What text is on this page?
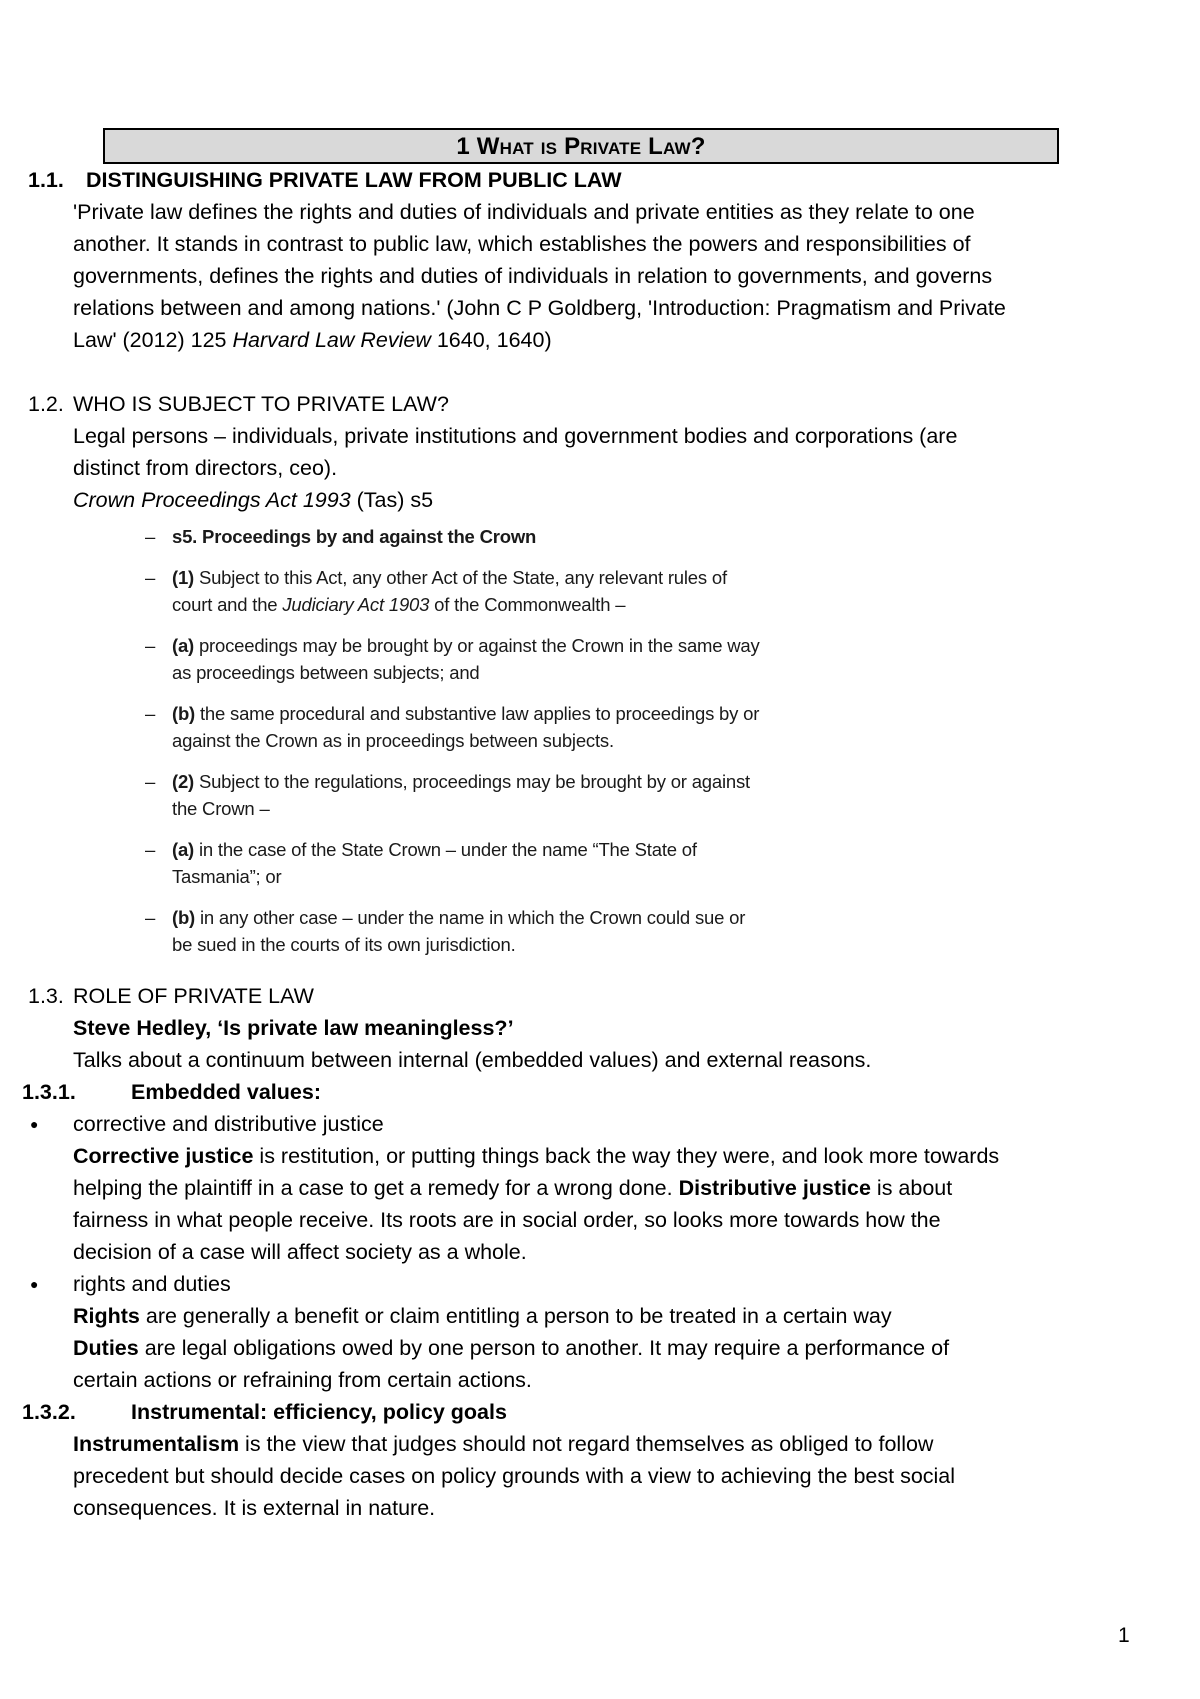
1 What is Private Law?
1.1. DISTINGUISHING PRIVATE LAW FROM PUBLIC LAW
'Private law defines the rights and duties of individuals and private entities as they relate to one
another. It stands in contrast to public law, which establishes the powers and responsibilities of
governments, defines the rights and duties of individuals in relation to governments, and governs
relations between and among nations.' (John C P Goldberg, 'Introduction: Pragmatism and Private
Law' (2012) 125 Harvard Law Review 1640, 1640)
1.2. WHO IS SUBJECT TO PRIVATE LAW?
Legal persons – individuals, private institutions and government bodies and corporations (are
distinct from directors, ceo).
Crown Proceedings Act 1993 (Tas) s5
– s5. Proceedings by and against the Crown
– (1) Subject to this Act, any other Act of the State, any relevant rules of
court and the Judiciary Act 1903 of the Commonwealth –
– (a) proceedings may be brought by or against the Crown in the same way
as proceedings between subjects; and
– (b) the same procedural and substantive law applies to proceedings by or
against the Crown as in proceedings between subjects.
– (2) Subject to the regulations, proceedings may be brought by or against
the Crown –
– (a) in the case of the State Crown – under the name “The State of
Tasmania”; or
– (b) in any other case – under the name in which the Crown could sue or
be sued in the courts of its own jurisdiction.
1.3. ROLE OF PRIVATE LAW
Steve Hedley, ‘Is private law meaningless?’
Talks about a continuum between internal (embedded values) and external reasons.
1.3.1.	Embedded values:
● corrective and distributive justice
Corrective justice is restitution, or putting things back the way they were, and look more towards
helping the plaintiff in a case to get a remedy for a wrong done. Distributive justice is about
fairness in what people receive. Its roots are in social order, so looks more towards how the
decision of a case will affect society as a whole.
● rights and duties
Rights are generally a benefit or claim entitling a person to be treated in a certain way
Duties are legal obligations owed by one person to another. It may require a performance of
certain actions or refraining from certain actions.
1.3.2.	Instrumental: efficiency, policy goals
Instrumentalism is the view that judges should not regard themselves as obliged to follow
precedent but should decide cases on policy grounds with a view to achieving the best social
consequences. It is external in nature.
1
